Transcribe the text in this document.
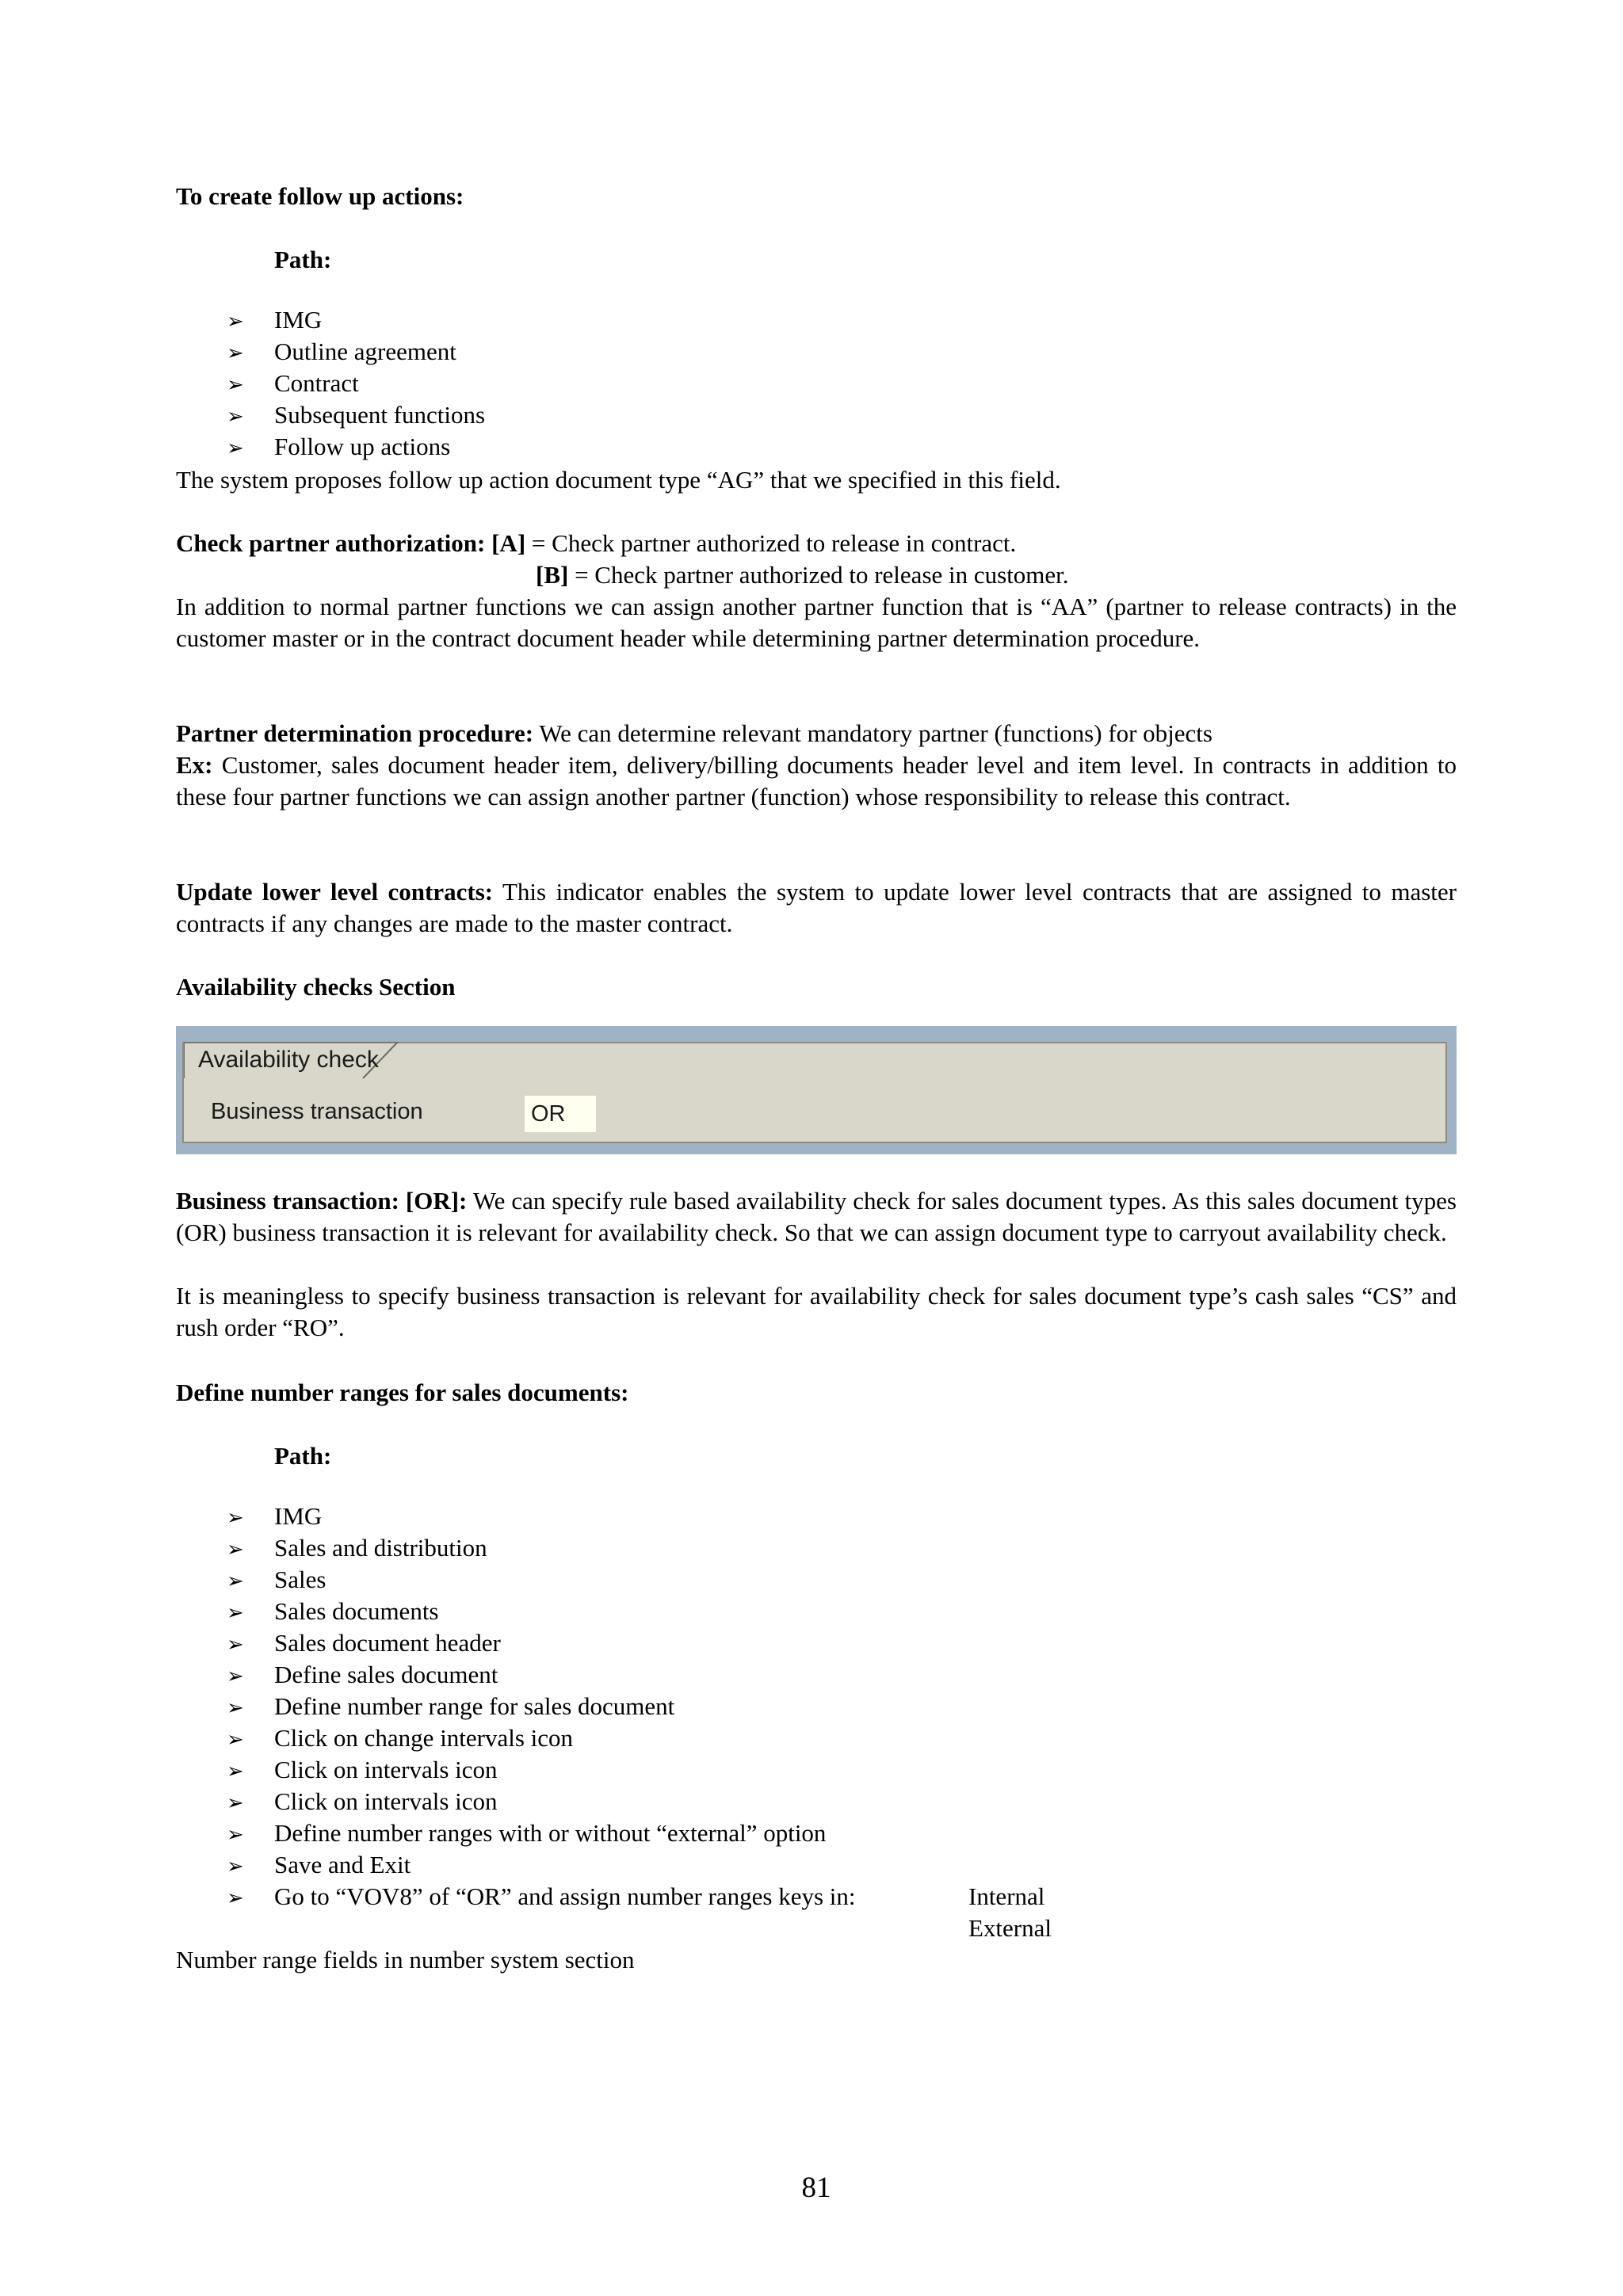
To create follow up actions:
Path:
➢ IMG
➢ Outline agreement
➢ Contract
➢ Subsequent functions
➢ Follow up actions
The system proposes follow up action document type “AG” that we specified in this field.
Check partner authorization: [A] = Check partner authorized to release in contract.
[B] = Check partner authorized to release in customer.
In addition to normal partner functions we can assign another partner function that is “AA” (partner to release contracts) in the customer master or in the contract document header while determining partner determination procedure.
Partner determination procedure: We can determine relevant mandatory partner (functions) for objects
Ex: Customer, sales document header item, delivery/billing documents header level and item level. In contracts in addition to these four partner functions we can assign another partner (function) whose responsibility to release this contract.
Update lower level contracts: This indicator enables the system to update lower level contracts that are assigned to master contracts if any changes are made to the master contract.
Availability checks Section
Availability check
Business transaction	OR
Business transaction: [OR]: We can specify rule based availability check for sales document types. As this sales document types (OR) business transaction it is relevant for availability check. So that we can assign document type to carryout availability check.
It is meaningless to specify business transaction is relevant for availability check for sales document type’s cash sales “CS” and rush order “RO”.
Define number ranges for sales documents:
Path:
➢ IMG
➢ Sales and distribution
➢ Sales
➢ Sales documents
➢ Sales document header
➢ Define sales document
➢ Define number range for sales document
➢ Click on change intervals icon
➢ Click on intervals icon
➢ Click on intervals icon
➢ Define number ranges with or without “external” option
➢ Save and Exit
➢ Go to “VOV8” of “OR” and assign number ranges keys in:	Internal
External
Number range fields in number system section
81
